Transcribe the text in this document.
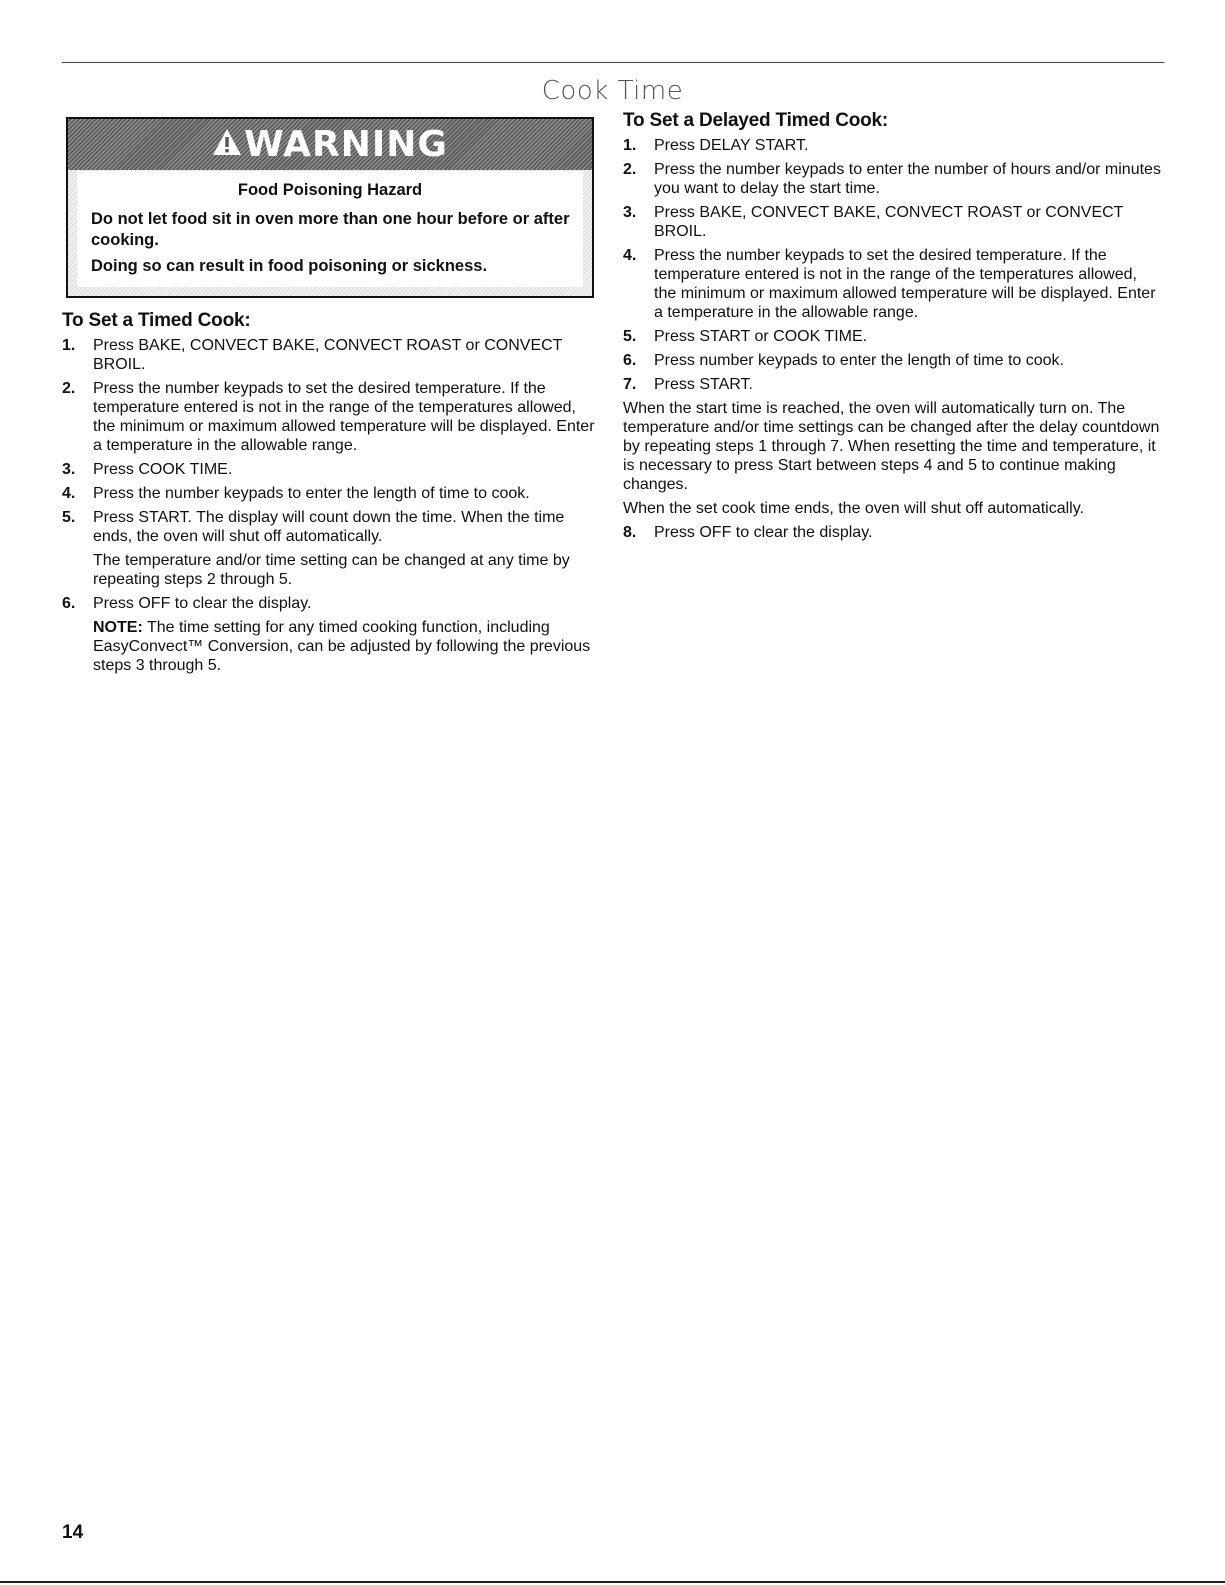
Cook Time
WARNING
Food Poisoning Hazard
Do not let food sit in oven more than one hour before or after cooking.
Doing so can result in food poisoning or sickness.
To Set a Timed Cook:
1. Press BAKE, CONVECT BAKE, CONVECT ROAST or CONVECT BROIL.
2. Press the number keypads to set the desired temperature. If the temperature entered is not in the range of the temperatures allowed, the minimum or maximum allowed temperature will be displayed. Enter a temperature in the allowable range.
3. Press COOK TIME.
4. Press the number keypads to enter the length of time to cook.
5. Press START. The display will count down the time. When the time ends, the oven will shut off automatically.
The temperature and/or time setting can be changed at any time by repeating steps 2 through 5.
6. Press OFF to clear the display.
NOTE: The time setting for any timed cooking function, including EasyConvect™ Conversion, can be adjusted by following the previous steps 3 through 5.
To Set a Delayed Timed Cook:
1. Press DELAY START.
2. Press the number keypads to enter the number of hours and/or minutes you want to delay the start time.
3. Press BAKE, CONVECT BAKE, CONVECT ROAST or CONVECT BROIL.
4. Press the number keypads to set the desired temperature. If the temperature entered is not in the range of the temperatures allowed, the minimum or maximum allowed temperature will be displayed. Enter a temperature in the allowable range.
5. Press START or COOK TIME.
6. Press number keypads to enter the length of time to cook.
7. Press START.

When the start time is reached, the oven will automatically turn on. The temperature and/or time settings can be changed after the delay countdown by repeating steps 1 through 7. When resetting the time and temperature, it is necessary to press Start between steps 4 and 5 to continue making changes.

When the set cook time ends, the oven will shut off automatically.

8. Press OFF to clear the display.
14
